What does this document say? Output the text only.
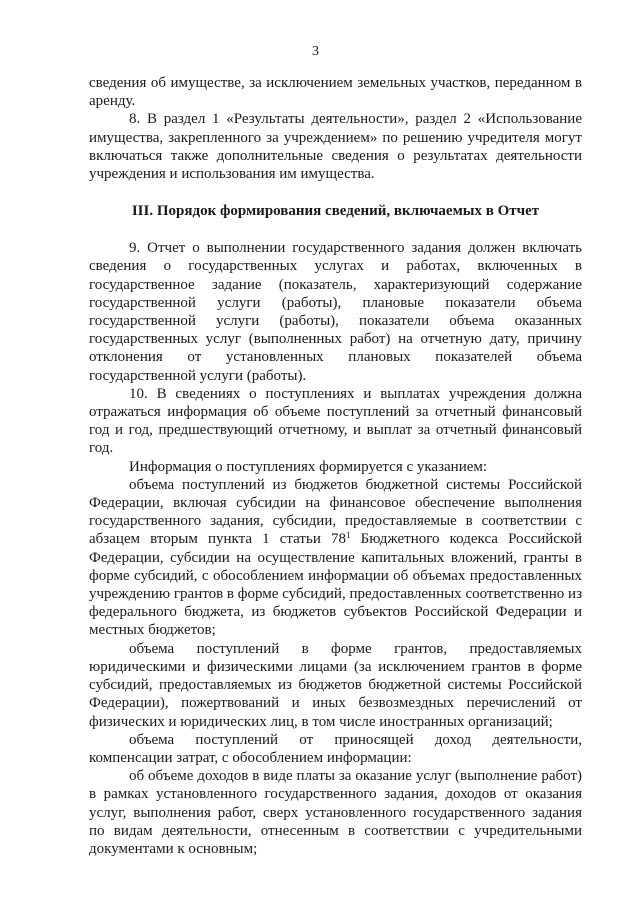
3

сведения об имуществе, за исключением земельных участков, переданном в аренду.

8. В раздел 1 «Результаты деятельности», раздел 2 «Использование имущества, закрепленного за учреждением» по решению учредителя могут включаться также дополнительные сведения о результатах деятельности учреждения и использования им имущества.

III. Порядок формирования сведений, включаемых в Отчет

9. Отчет о выполнении государственного задания должен включать сведения о государственных услугах и работах, включенных в государственное задание (показатель, характеризующий содержание государственной услуги (работы), плановые показатели объема государственной услуги (работы), показатели объема оказанных государственных услуг (выполненных работ) на отчетную дату, причину отклонения от установленных плановых показателей объема государственной услуги (работы).

10. В сведениях о поступлениях и выплатах учреждения должна отражаться информация об объеме поступлений за отчетный финансовый год и год, предшествующий отчетному, и выплат за отчетный финансовый год.

Информация о поступлениях формируется с указанием:

объема поступлений из бюджетов бюджетной системы Российской Федерации, включая субсидии на финансовое обеспечение выполнения государственного задания, субсидии, предоставляемые в соответствии с абзацем вторым пункта 1 статьи $78^1$ Бюджетного кодекса Российской Федерации, субсидии на осуществление капитальных вложений, гранты в форме субсидий, с обособлением информации об объемах предоставленных учреждению грантов в форме субсидий, предоставленных соответственно из федерального бюджета, из бюджетов субъектов Российской Федерации и местных бюджетов;

объема поступлений в форме грантов, предоставляемых юридическими и физическими лицами (за исключением грантов в форме субсидий, предоставляемых из бюджетов бюджетной системы Российской Федерации), пожертвований и иных безвозмездных перечислений от физических и юридических лиц, в том числе иностранных организаций;

объема поступлений от приносящей доход деятельности, компенсации затрат, с обособлением информации:

об объеме доходов в виде платы за оказание услуг (выполнение работ) в рамках установленного государственного задания, доходов от оказания услуг, выполнения работ, сверх установленного государственного задания по видам деятельности, отнесенным в соответствии с учредительными документами к основным;
